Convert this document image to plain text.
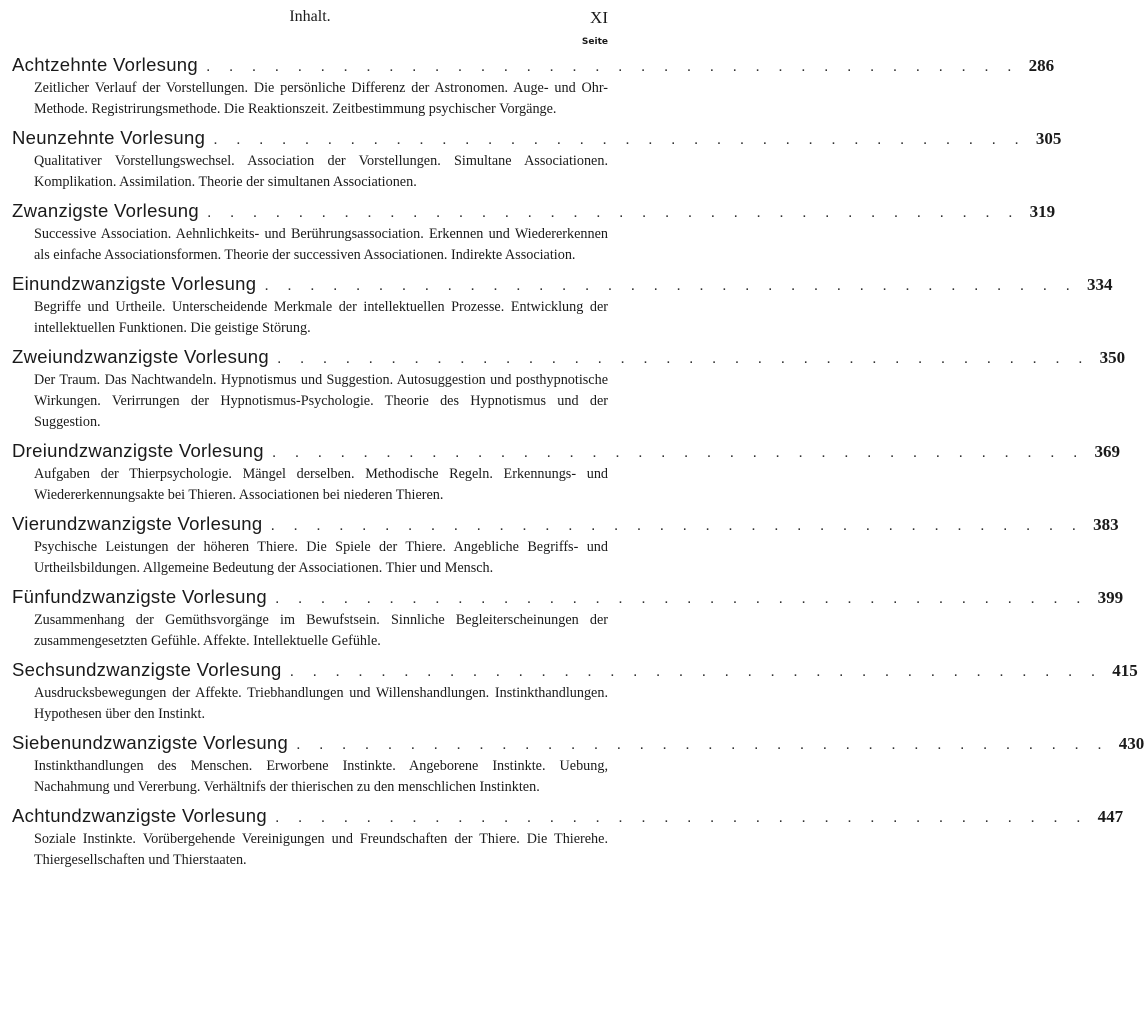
Inhalt.	XI
Seite
Achtzehnte Vorlesung . . . . . . . . . . . . . . . . . . . . . . . . . . . . . . . . . . . . 286

Zeitlicher Verlauf der Vorstellungen. Die persönliche Differenz der Astronomen. Auge- und Ohr-Methode. Registrirungsmethode. Die Reaktionszeit. Zeitbestimmung psychischer Vorgänge.

Neunzehnte Vorlesung . . . . . . . . . . . . . . . . . . . . . . . . . . . . . . . . . . . . 305

Qualitativer Vorstellungswechsel. Association der Vorstellungen. Simultane Associationen. Komplikation. Assimilation. Theorie der simultanen Associationen.

Zwanzigste Vorlesung . . . . . . . . . . . . . . . . . . . . . . . . . . . . . . . . . . . . 319

Successive Association. Aehnlichkeits- und Berührungsassociation. Erkennen und Wiedererkennen als einfache Associationsformen. Theorie der successiven Associationen. Indirekte Association.

Einundzwanzigste Vorlesung . . . . . . . . . . . . . . . . . . . . . . . . . . . . . . . . . . . . 334

Begriffe und Urtheile. Unterscheidende Merkmale der intellektuellen Prozesse. Entwicklung der intellektuellen Funktionen. Die geistige Störung.

Zweiundzwanzigste Vorlesung . . . . . . . . . . . . . . . . . . . . . . . . . . . . . . . . . . . . 350

Der Traum. Das Nachtwandeln. Hypnotismus und Suggestion. Autosuggestion und posthypnotische Wirkungen. Verirrungen der Hypnotismus-Psychologie. Theorie des Hypnotismus und der Suggestion.

Dreiundzwanzigste Vorlesung . . . . . . . . . . . . . . . . . . . . . . . . . . . . . . . . . . . . 369

Aufgaben der Thierpsychologie. Mängel derselben. Methodische Regeln. Erkennungs- und Wiedererkennungsakte bei Thieren. Associationen bei niederen Thieren.

Vierundzwanzigste Vorlesung . . . . . . . . . . . . . . . . . . . . . . . . . . . . . . . . . . . . 383

Psychische Leistungen der höheren Thiere. Die Spiele der Thiere. Angebliche Begriffs- und Urtheilsbildungen. Allgemeine Bedeutung der Associationen. Thier und Mensch.

Fünfundzwanzigste Vorlesung . . . . . . . . . . . . . . . . . . . . . . . . . . . . . . . . . . . . 399

Zusammenhang der Gemüthsvorgänge im Bewufstsein. Sinnliche Begleiterscheinungen der zusammengesetzten Gefühle. Affekte. Intellektuelle Gefühle.

Sechsundzwanzigste Vorlesung . . . . . . . . . . . . . . . . . . . . . . . . . . . . . . . . . . . . 415

Ausdrucksbewegungen der Affekte. Triebhandlungen und Willenshandlungen. Instinkthandlungen. Hypothesen über den Instinkt.

Siebenundzwanzigste Vorlesung . . . . . . . . . . . . . . . . . . . . . . . . . . . . . . . . . . . . 430

Instinkthandlungen des Menschen. Erworbene Instinkte. Angeborene Instinkte. Uebung, Nachahmung und Vererbung. Verhältnifs der thierischen zu den menschlichen Instinkten.

Achtundzwanzigste Vorlesung . . . . . . . . . . . . . . . . . . . . . . . . . . . . . . . . . . . . 447

Soziale Instinkte. Vorübergehende Vereinigungen und Freundschaften der Thiere. Die Thierehe. Thiergesellschaften und Thierstaaten.
